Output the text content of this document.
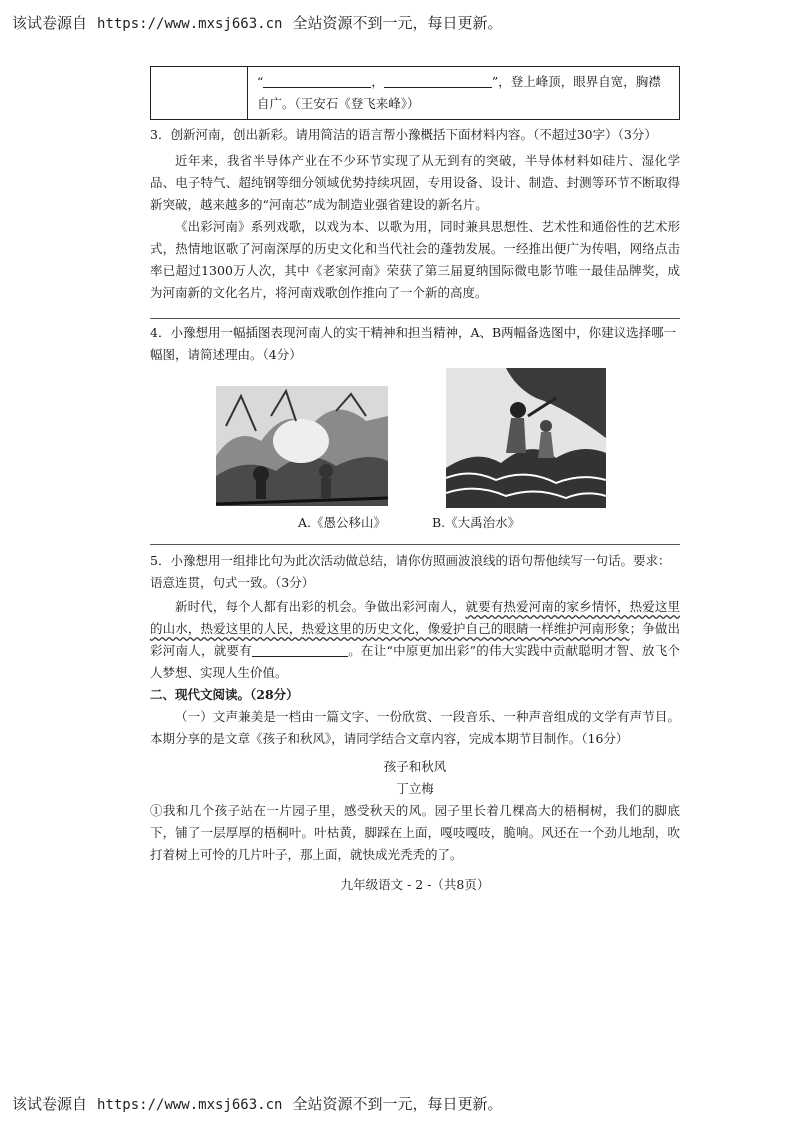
该试卷源自 https://www.mxsj663.cn 全站资源不到一元，每日更新。
“	，	”，登上峰顶，眼界自宽，胸襟
自广。（王安石《登飞来峰》）
3．创新河南，创出新彩。请用简洁的语言帮小豫概括下面材料内容。（不超过30字）（3分）

近年来，我省半导体产业在不少环节实现了从无到有的突破，半导体材料如硅片、湿化学品、电子特气、超纯钢等细分领域优势持续巩固，专用设备、设计、制造、封测等环节不断取得新突破，越来越多的“河南芯”成为制造业强省建设的新名片。

《出彩河南》系列戏歌，以戏为本、以歌为用，同时兼具思想性、艺术性和通俗性的艺术形式，热情地讴歌了河南深厚的历史文化和当代社会的蓬勃发展。一经推出便广为传唱，网络点击率已超过1300万人次，其中《老家河南》荣获了第三届夏纳国际微电影节唯一最佳品牌奖，成为河南新的文化名片，将河南戏歌创作推向了一个新的高度。

4．小豫想用一幅插图表现河南人的实干精神和担当精神，A、B两幅备选图中，你建议选择哪一幅图，请简述理由。（4分）
A.《愚公移山》	B.《大禹治水》
5．小豫想用一组排比句为此次活动做总结，请你仿照画波浪线的语句帮他续写一句话。要求：语意连贯，句式一致。（3分）

新时代，每个人都有出彩的机会。争做出彩河南人，就要有热爱河南的家乡情怀，热爱这里的山水，热爱这里的人民，热爱这里的历史文化，像爱护自己的眼睛一样维护河南形象；争做出彩河南人，就要有	。在让“中原更加出彩”的伟大实践中贡献聪明才智、放飞个人梦想、实现人生价值。

二、现代文阅读。（28分）

（一）文声兼美是一档由一篇文字、一份欣赏、一段音乐、一种声音组成的文学有声节目。本期分享的是文章《孩子和秋风》，请同学结合文章内容，完成本期节目制作。（16分）

孩子和秋风
丁立梅

①我和几个孩子站在一片园子里，感受秋天的风。园子里长着几棵高大的梧桐树，我们的脚底下，铺了一层厚厚的梧桐叶。叶枯黄，脚踩在上面，嘎吱嘎吱，脆响。风还在一个劲儿地刮，吹打着树上可怜的几片叶子，那上面，就快成光秃秃的了。

九年级语文 - 2 -（共8页）
该试卷源自 https://www.mxsj663.cn 全站资源不到一元，每日更新。
